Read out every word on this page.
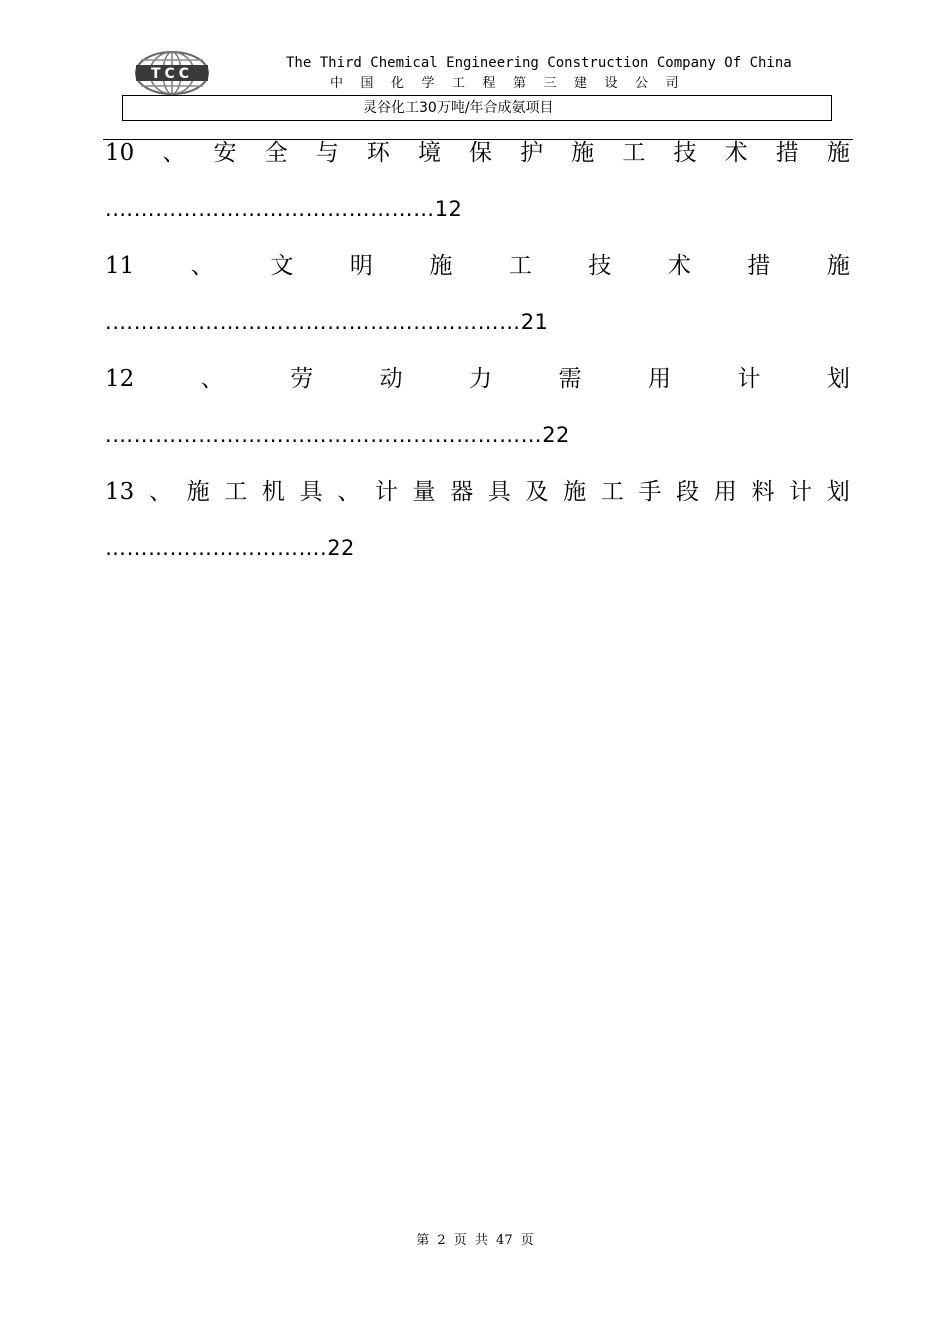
TCC
The Third Chemical Engineering Construction Company Of China
中国化学工程第三建设公司
灵谷化工30万吨/年合成氨项目
10 、 安 全 与 环 境 保 护 施 工 技 术 措 施
.………………………………………12
11 、 文 明 施 工 技 术 措 施
.…………………………………………………21
12	、	劳	动	力	需	用	计	划
.……………………………………………………22
13 、 施 工 机 具 、 计 量 器 具 及 施 工 手 段 用 料 计 划
………………………….22
第 2 页 共 47 页
